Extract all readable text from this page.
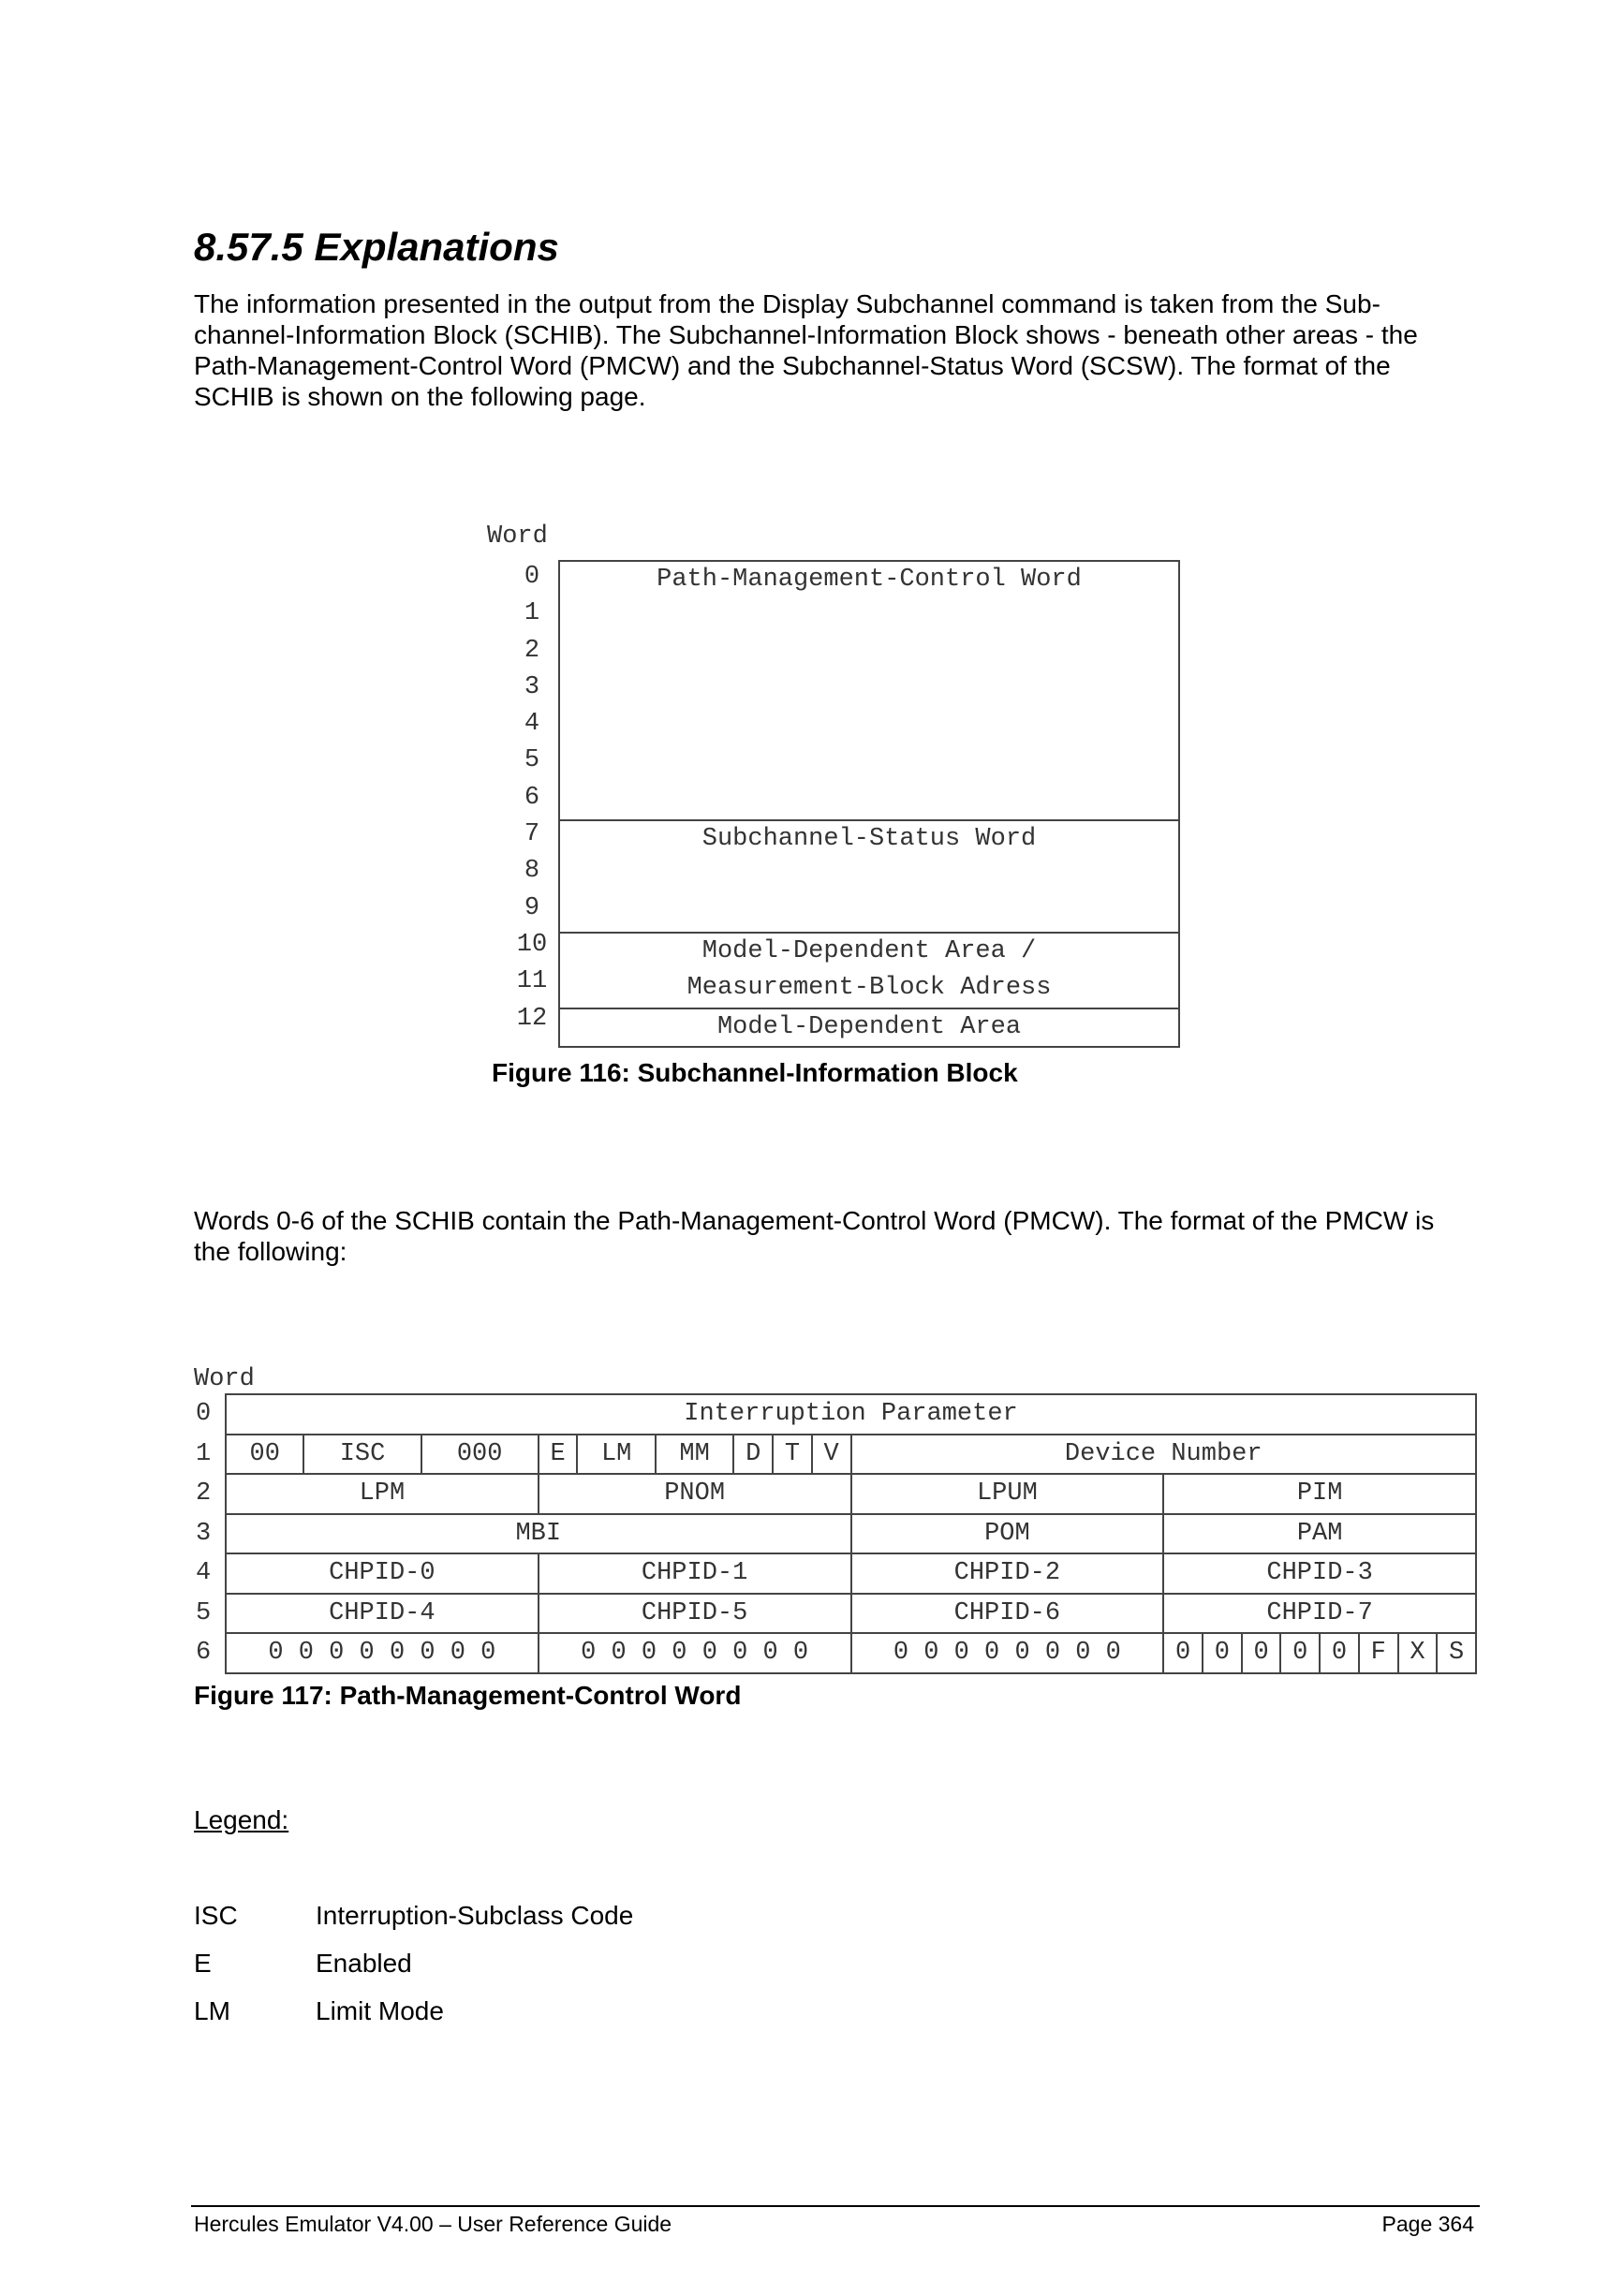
8.57.5 Explanations

The information presented in the output from the Display Subchannel command is taken from the Sub-channel-Information Block (SCHIB). The Subchannel-Information Block shows - beneath other areas - the Path-Management-Control Word (PMCW) and the Subchannel-Status Word (SCSW). The format of the SCHIB is shown on the following page.

Word
0
1
2
3
4
5
6
7
8
9
10
11
12
Path-Management-Control Word
Subchannel-Status Word
Model-Dependent Area /
Measurement-Block Adress
Model-Dependent Area

Figure 116: Subchannel-Information Block

Words 0-6 of the SCHIB contain the Path-Management-Control Word (PMCW). The format of the PMCW is the following:

Word
0	Interruption Parameter																	
1	00	ISC	000	E	LM	MM	D	T	V	Device Number								
2	LPM			PNOM						LPUM	PIM							
3	MBI									POM	PAM							
4	CHPID-0			CHPID-1						CHPID-2	CHPID-3							
5	CHPID-4			CHPID-5						CHPID-6	CHPID-7							
6	0 0 0 0 0 0 0 0			0 0 0 0 0 0 0 0						0 0 0 0 0 0 0 0	0	0	0	0	0	F	X	S

Figure 117: Path-Management-Control Word

Legend:

ISC	Interruption-Subclass Code
E	Enabled
LM	Limit Mode
Hercules Emulator V4.00 – User Reference Guide	Page 364
